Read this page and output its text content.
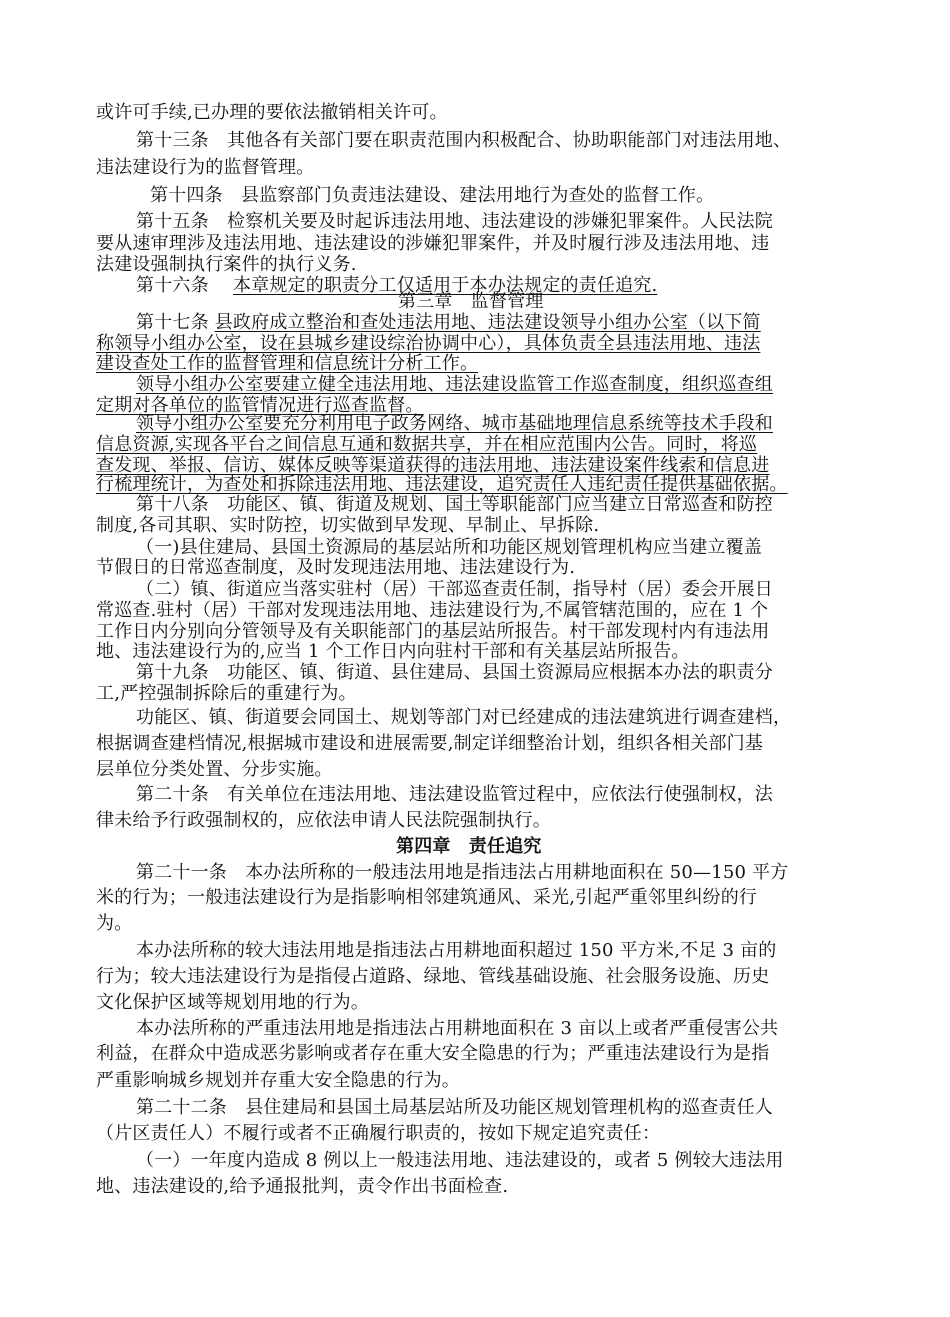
或许可手续,已办理的要依法撤销相关许可。
第十三条　其他各有关部门要在职责范围内积极配合、协助职能部门对违法用地、
违法建设行为的监督管理。
第十四条　县监察部门负责违法建设、建法用地行为查处的监督工作。
第十五条　检察机关要及时起诉违法用地、违法建设的涉嫌犯罪案件。人民法院
要从速审理涉及违法用地、违法建设的涉嫌犯罪案件，并及时履行涉及违法用地、违
法建设强制执行案件的执行义务.
第十六条　 本章规定的职责分工仅适用于本办法规定的责任追究.
第三章　监督管理
第十七条 县政府成立整治和查处违法用地、违法建设领导小组办公室（以下简
称领导小组办公室，设在县城乡建设综治协调中心），具体负责全县违法用地、违法
建设查处工作的监督管理和信息统计分析工作。
领导小组办公室要建立健全违法用地、违法建设监管工作巡查制度，组织巡查组
定期对各单位的监管情况进行巡查监督。
领导小组办公室要充分利用电子政务网络、城市基础地理信息系统等技术手段和
信息资源,实现各平台之间信息互通和数据共享，并在相应范围内公告。同时，将巡
查发现、举报、信访、媒体反映等渠道获得的违法用地、违法建设案件线索和信息进
行梳理统计，为查处和拆除违法用地、违法建设，追究责任人违纪责任提供基础依据。
第十八条　功能区、镇、街道及规划、国土等职能部门应当建立日常巡查和防控
制度,各司其职、实时防控，切实做到早发现、早制止、早拆除.
（一)县住建局、县国土资源局的基层站所和功能区规划管理机构应当建立覆盖
节假日的日常巡查制度，及时发现违法用地、违法建设行为.
（二）镇、街道应当落实驻村（居）干部巡查责任制，指导村（居）委会开展日
常巡查.驻村（居）干部对发现违法用地、违法建设行为,不属管辖范围的，应在 1 个
工作日内分别向分管领导及有关职能部门的基层站所报告。村干部发现村内有违法用
地、违法建设行为的,应当 1 个工作日内向驻村干部和有关基层站所报告。
第十九条　功能区、镇、街道、县住建局、县国土资源局应根据本办法的职责分
工,严控强制拆除后的重建行为。
功能区、镇、街道要会同国土、规划等部门对已经建成的违法建筑进行调查建档，
根据调查建档情况,根据城市建设和进展需要,制定详细整治计划，组织各相关部门基
层单位分类处置、分步实施。
第二十条　有关单位在违法用地、违法建设监管过程中，应依法行使强制权，法
律未给予行政强制权的，应依法申请人民法院强制执行。
第四章　责任追究
第二十一条　本办法所称的一般违法用地是指违法占用耕地面积在 50—150 平方
米的行为；一般违法建设行为是指影响相邻建筑通风、采光,引起严重邻里纠纷的行
为。
本办法所称的较大违法用地是指违法占用耕地面积超过 150 平方米,不足 3 亩的
行为；较大违法建设行为是指侵占道路、绿地、管线基础设施、社会服务设施、历史
文化保护区域等规划用地的行为。
本办法所称的严重违法用地是指违法占用耕地面积在 3 亩以上或者严重侵害公共
利益，在群众中造成恶劣影响或者存在重大安全隐患的行为；严重违法建设行为是指
严重影响城乡规划并存重大安全隐患的行为。
第二十二条　县住建局和县国土局基层站所及功能区规划管理机构的巡查责任人
（片区责任人）不履行或者不正确履行职责的，按如下规定追究责任：
（一）一年度内造成 8 例以上一般违法用地、违法建设的，或者 5 例较大违法用
地、违法建设的,给予通报批判，责令作出书面检查.
